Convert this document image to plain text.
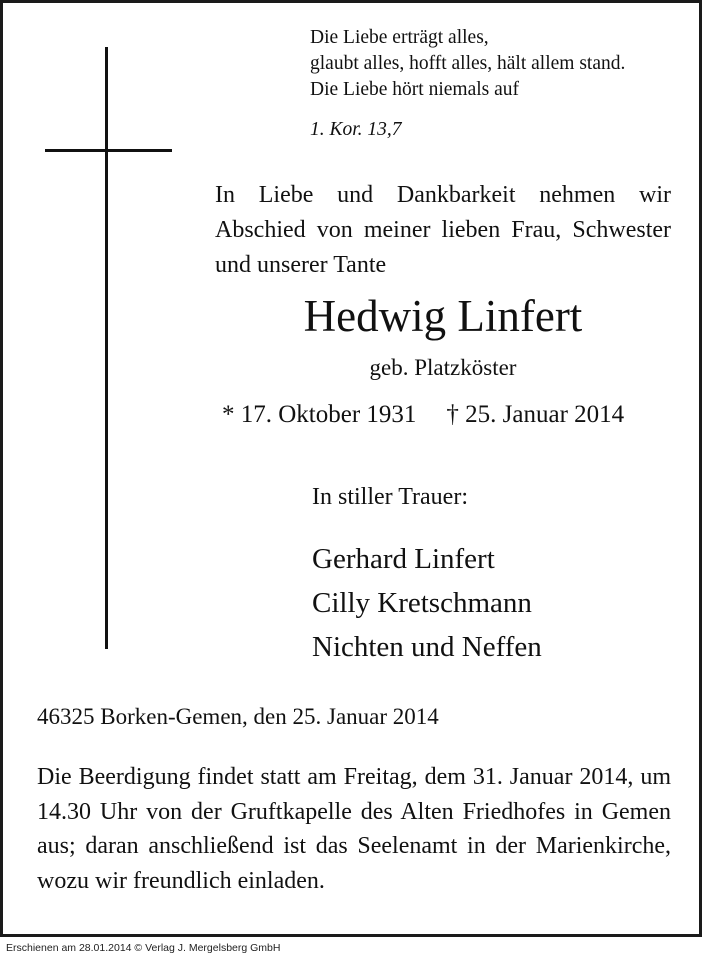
Die Liebe erträgt alles,
glaubt alles, hofft alles, hält allem stand.
Die Liebe hört niemals auf
1. Kor. 13,7
In Liebe und Dankbarkeit nehmen wir Abschied von meiner lieben Frau, Schwester und unserer Tante
Hedwig Linfert
geb. Platzköster
* 17. Oktober 1931 † 25. Januar 2014
In stiller Trauer:
Gerhard Linfert
Cilly Kretschmann
Nichten und Neffen
46325 Borken-Gemen, den 25. Januar 2014
Die Beerdigung findet statt am Freitag, dem 31. Januar 2014, um 14.30 Uhr von der Gruftkapelle des Alten Friedhofes in Gemen aus; daran anschließend ist das Seelenamt in der Marienkirche, wozu wir freundlich einladen.
Erschienen am 28.01.2014 © Verlag J. Mergelsberg GmbH
